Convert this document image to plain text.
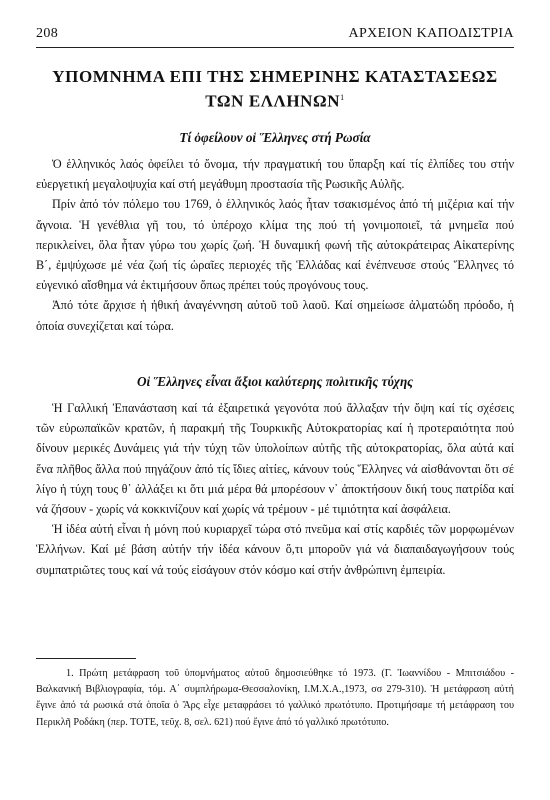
208	ΑΡΧΕΙΟΝ ΚΑΠΟΔΙΣΤΡΙΑ
ΥΠΟΜΝΗΜΑ ΕΠΙ ΤΗΣ ΣΗΜΕΡΙΝΗΣ ΚΑΤΑΣΤΑΣΕΩΣ
ΤΩΝ ΕΛΛΗΝΩΝ$^1$
Τί ὀφείλουν οἱ Ἕλληνες στή Ρωσία

Ὁ ἑλληνικός λαός ὀφείλει τό ὄνομα, τήν πραγματική του ὕπαρξη καί τίς ἐλπίδες του στήν εὐεργετική μεγαλοψυχία καί στή μεγάθυμη προστασία τῆς Ρωσικῆς Αὐλῆς.

Πρίν ἀπό τόν πόλεμο του 1769, ὁ ἑλληνικός λαός ἦταν τσακισμένος ἀπό τή μιζέρια καί τήν ἄγνοια. Ἡ γενέθλια γῆ του, τό ὑπέροχο κλίμα της πού τή γονιμοποιεῖ, τά μνημεῖα πού περικλείνει, ὅλα ἦταν γύρω του χωρίς ζωή. Ἡ δυναμική φωνή τῆς αὐτοκράτειρας Αἰκατερίνης Β΄, ἐμψύχωσε μέ νέα ζωή τίς ὡραῖες περιοχές τῆς Ἑλλάδας καί ἐνέπνευσε στούς Ἕλληνες τό εὐγενικό αἴσθημα νά ἐκτιμήσουν ὅπως πρέπει τούς προγόνους τους.

Ἀπό τότε ἄρχισε ἡ ἠθική ἀναγέννηση αὐτοῦ τοῦ λαοῦ. Καί σημείωσε ἀλματώδη πρόοδο, ἡ ὁποία συνεχίζεται καί τώρα.

Οἱ Ἕλληνες εἶναι ἄξιοι καλύτερης πολιτικῆς τύχης

Ἡ Γαλλική Ἐπανάσταση καί τά ἐξαιρετικά γεγονότα πού ἄλλαξαν τήν ὄψη καί τίς σχέσεις τῶν εὐρωπαϊκῶν κρατῶν, ἡ παρακμή τῆς Τουρκικῆς Αὐτοκρατορίας καί ἡ προτεραιότητα πού δίνουν μερικές Δυνάμεις γιά τήν τύχη τῶν ὑπολοίπων αὐτῆς τῆς αὐτοκρατορίας, ὅλα αὐτά καί ἕνα πλῆθος ἄλλα πού πηγάζουν ἀπό τίς ἴδιες αἰτίες, κάνουν τούς Ἕλληνες νά αἰσθάνονται ὅτι σέ λίγο ἡ τύχη τους θ᾽ ἀλλάξει κι ὅτι μιά μέρα θά μπορέσουν ν᾽ ἀποκτήσουν δική τους πατρίδα καί νά ζήσουν - χωρίς νά κοκκινίζουν καί χωρίς νά τρέμουν - μέ τιμιότητα καί ἀσφάλεια.

Ἡ ἰδέα αὐτή εἶναι ἡ μόνη πού κυριαρχεῖ τώρα στό πνεῦμα καί στίς καρδιές τῶν μορφωμένων Ἑλλήνων. Καί μέ βάση αὐτήν τήν ἰδέα κάνουν ὅ,τι μποροῦν γιά νά διαπαιδαγωγήσουν τούς συμπατριῶτες τους καί νά τούς εἰσάγουν στόν κόσμο καί στήν ἀνθρώπινη ἐμπειρία.

1. Πρώτη μετάφραση τοῦ ὑπομνήματος αὐτοῦ δημοσιεύθηκε τό 1973. (Γ. Ἰωαννίδου - Μπιτσιάδου - Βαλκανική Βιβλιογραφία, τόμ. Α΄ συμπλήρωμα-Θεσσαλονίκη, Ι.Μ.Χ.Α.,1973, σσ 279-310). Ἡ μετάφραση αὐτή ἔγινε ἀπό τά ρωσικά στά ὁποῖα ὁ Ἄρς εἶχε μεταφράσει τό γαλλικό πρωτότυπο. Προτιμήσαμε τή μετάφραση του Περικλῆ Ροδάκη (περ. ΤΟΤΕ, τεῦχ. 8, σελ. 621) πού ἔγινε ἀπό τό γαλλικό πρωτότυπο.
